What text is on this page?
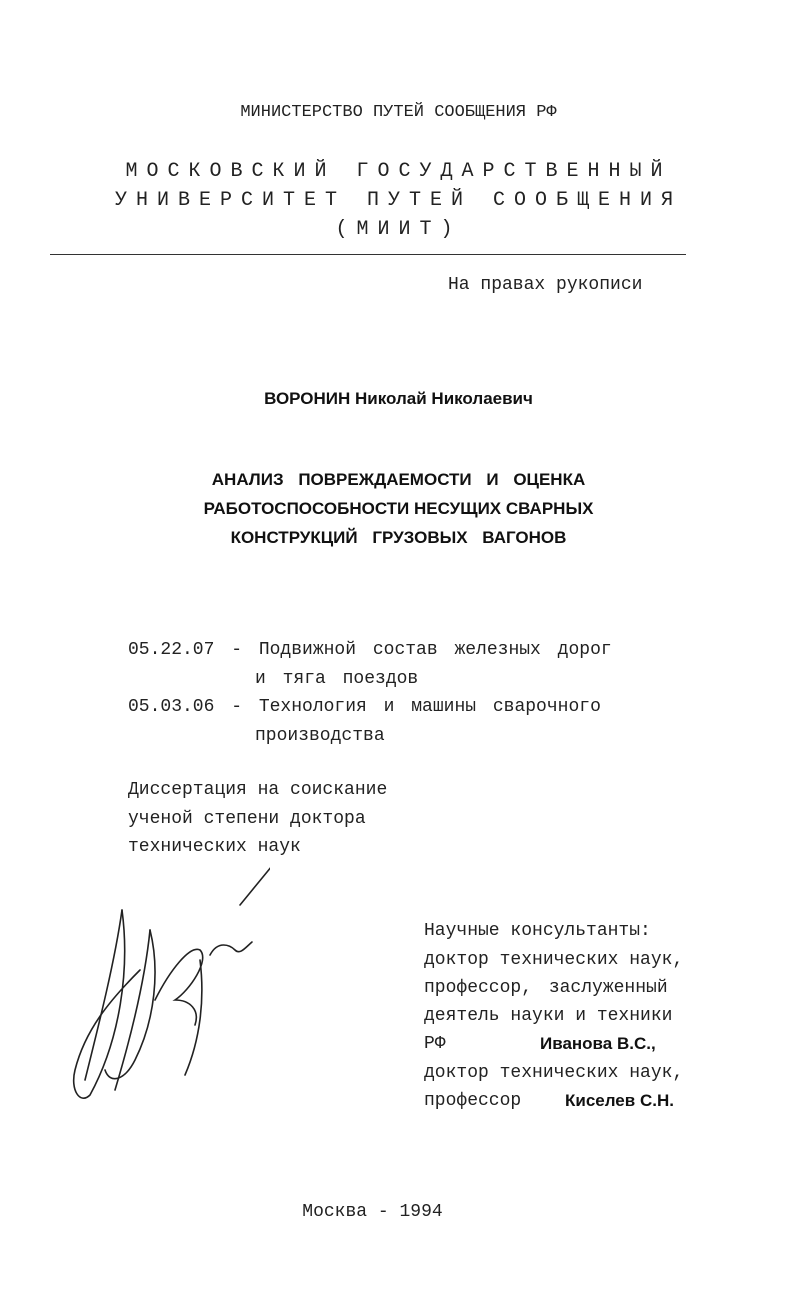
МИНИСТЕРСТВО ПУТЕЙ СООБЩЕНИЯ РФ
МОСКОВСКИЙ ГОСУДАРСТВЕННЫЙ
УНИВЕРСИТЕТ ПУТЕЙ СООБЩЕНИЯ
(МИИТ)
На правах рукописи
ВОРОНИН Николай Николаевич
АНАЛИЗ ПОВРЕЖДАЕМОСТИ И ОЦЕНКА
РАБОТОСПОСОБНОСТИ НЕСУЩИХ СВАРНЫХ
КОНСТРУКЦИЙ ГРУЗОВЫХ ВАГОНОВ
05.22.07 - Подвижной состав железных дорог
и тяга поездов
05.03.06 - Технология и машины сварочного
производства
Диссертация на соискание
ученой степени доктора
технических наук
Научные консультанты:
доктор технических наук,
профессор, заслуженный
деятель науки и техники
РФ	Иванова В.С.,
доктор технических наук,
профессор	Киселев С.Н.
Москва - 1994
